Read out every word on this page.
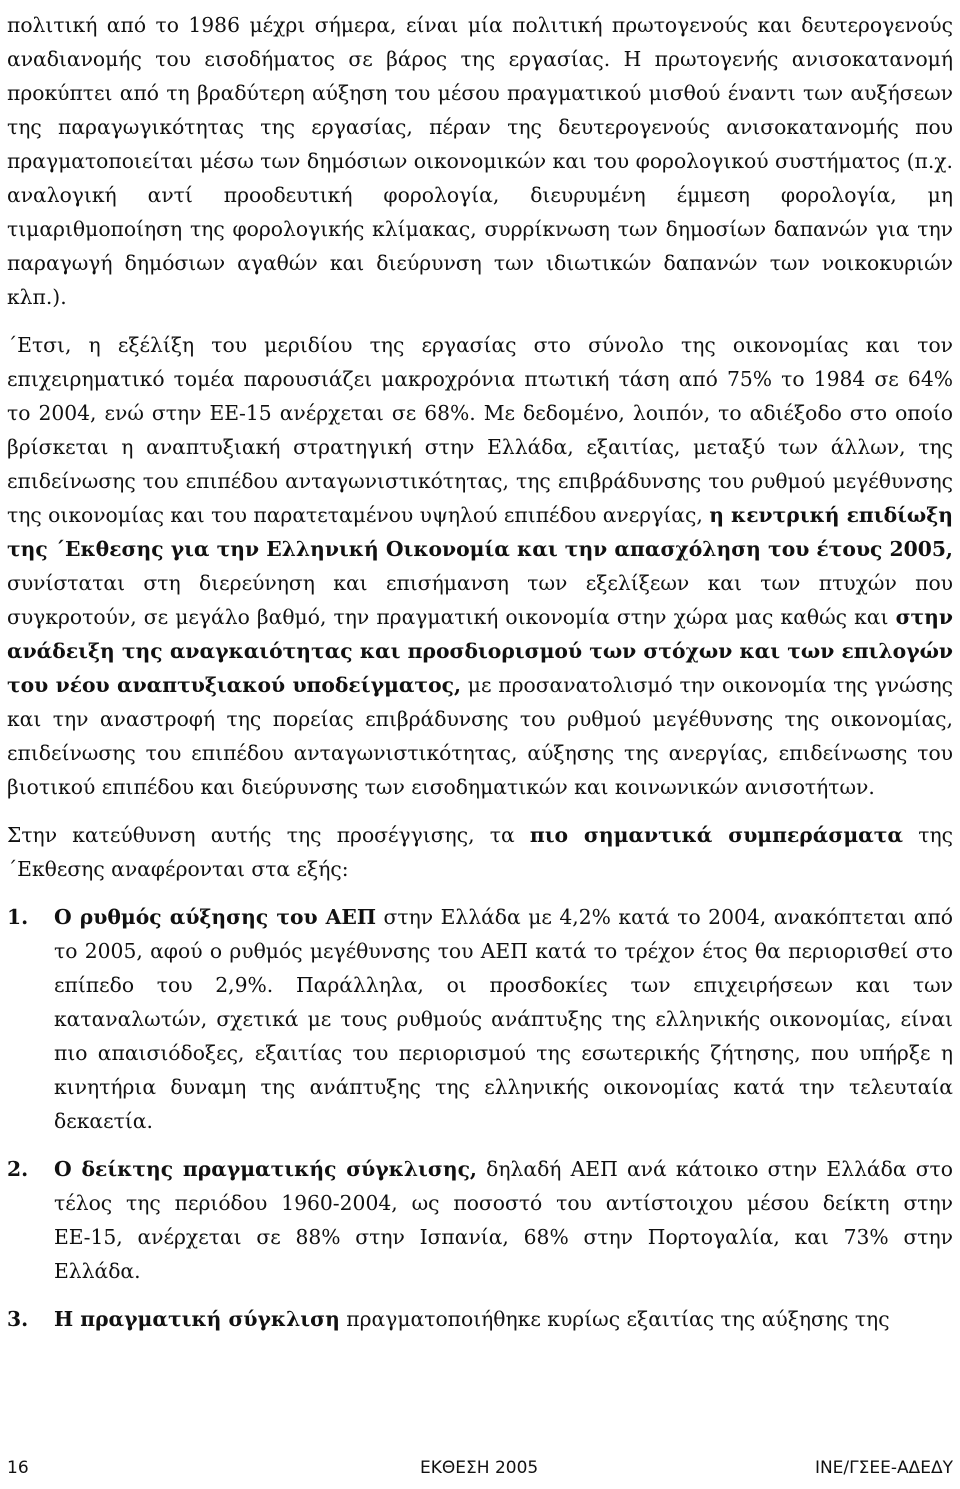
πολιτική από το 1986 μέχρι σήμερα, είναι μία πολιτική πρωτογενούς και δευτερογενούς αναδιανομής του εισοδήματος σε βάρος της εργασίας. Η πρωτογενής ανισοκατανομή προκύπτει από τη βραδύτερη αύξηση του μέσου πραγματικού μισθού έναντι των αυξήσεων της παραγωγικότητας της εργασίας, πέραν της δευτερογενούς ανισοκατανομής που πραγματοποιείται μέσω των δημόσιων οικονομικών και του φορολογικού συστήματος (π.χ. αναλογική αντί προοδευτική φορολογία, διευρυμένη έμμεση φορολογία, μη τιμαριθμοποίηση της φορολογικής κλίμακας, συρρίκνωση των δημοσίων δαπανών για την παραγωγή δημόσιων αγαθών και διεύρυνση των ιδιωτικών δαπανών των νοικοκυριών κλπ.).

΄Ετσι, η εξέλίξη του μεριδίου της εργασίας στο σύνολο της οικονομίας και τον επιχειρηματικό τομέα παρουσιάζει μακροχρόνια πτωτική τάση από 75% το 1984 σε 64% το 2004, ενώ στην ΕΕ-15 ανέρχεται σε 68%. Με δεδομένο, λοιπόν, το αδιέξοδο στο οποίο βρίσκεται η αναπτυξιακή στρατηγική στην Ελλάδα, εξαιτίας, μεταξύ των άλλων, της επιδείνωσης του επιπέδου ανταγωνιστικότητας, της επιβράδυνσης του ρυθμού μεγέθυνσης της οικονομίας και του παρατεταμένου υψηλού επιπέδου ανεργίας, η κεντρική επιδίωξη της ΄Εκθεσης για την Ελληνική Οικονομία και την απασχόληση του έτους 2005, συνίσταται στη διερεύνηση και επισήμανση των εξελίξεων και των πτυχών που συγκροτούν, σε μεγάλο βαθμό, την πραγματική οικονομία στην χώρα μας καθώς και στην ανάδειξη της αναγκαιότητας και προσδιορισμού των στόχων και των επιλογών του νέου αναπτυξιακού υποδείγματος, με προσανατολισμό την οικονομία της γνώσης και την αναστροφή της πορείας επιβράδυνσης του ρυθμού μεγέθυνσης της οικονομίας, επιδείνωσης του επιπέδου ανταγωνιστικότητας, αύξησης της ανεργίας, επιδείνωσης του βιοτικού επιπέδου και διεύρυνσης των εισοδηματικών και κοινωνικών ανισοτήτων.

Στην κατεύθυνση αυτής της προσέγγισης, τα πιο σημαντικά συμπεράσματα της ΄Εκθεσης αναφέρονται στα εξής:

1. Ο ρυθμός αύξησης του ΑΕΠ στην Ελλάδα με 4,2% κατά το 2004, ανακόπτεται από το 2005, αφού ο ρυθμός μεγέθυνσης του ΑΕΠ κατά το τρέχον έτος θα περιορισθεί στο επίπεδο του 2,9%. Παράλληλα, οι προσδοκίες των επιχειρήσεων και των καταναλωτών, σχετικά με τους ρυθμούς ανάπτυξης της ελληνικής οικονομίας, είναι πιο απαισιόδοξες, εξαιτίας του περιορισμού της εσωτερικής ζήτησης, που υπήρξε η κινητήρια δυναμη της ανάπτυξης της ελληνικής οικονομίας κατά την τελευταία δεκαετία.

2. Ο δείκτης πραγματικής σύγκλισης, δηλαδή ΑΕΠ ανά κάτοικο στην Ελλάδα στο τέλος της περιόδου 1960-2004, ως ποσοστό του αντίστοιχου μέσου δείκτη στην ΕΕ-15, ανέρχεται σε 88% στην Ισπανία, 68% στην Πορτογαλία, και 73% στην Ελλάδα.

3. Η πραγματική σύγκλιση πραγματοποιήθηκε κυρίως εξαιτίας της αύξησης της

16	ΕΚΘΕΣΗ 2005	ΙΝΕ/ΓΣΕΕ-ΑΔΕΔΥ
